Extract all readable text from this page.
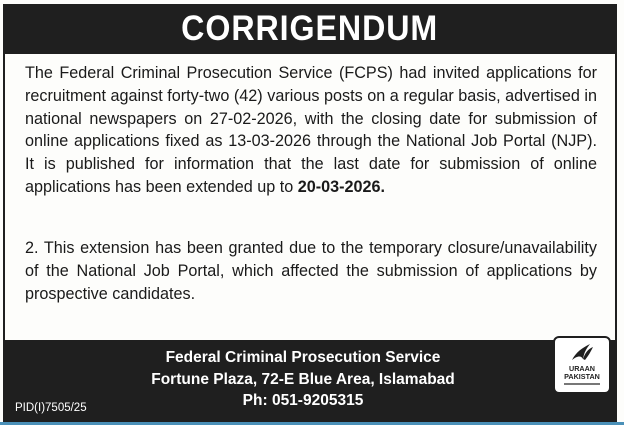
CORRIGENDUM

The Federal Criminal Prosecution Service (FCPS) had invited applications for recruitment against forty-two (42) various posts on a regular basis, advertised in national newspapers on 27-02-2026, with the closing date for submission of online applications fixed as 13-03-2026 through the National Job Portal (NJP). It is published for information that the last date for submission of online applications has been extended up to 20-03-2026.

2. This extension has been granted due to the temporary closure/unavailability of the National Job Portal, which affected the submission of applications by prospective candidates.

Federal Criminal Prosecution Service
Fortune Plaza, 72-E Blue Area, Islamabad
Ph: 051-9205315
PID(I)7505/25
URAAN
PAKISTAN
